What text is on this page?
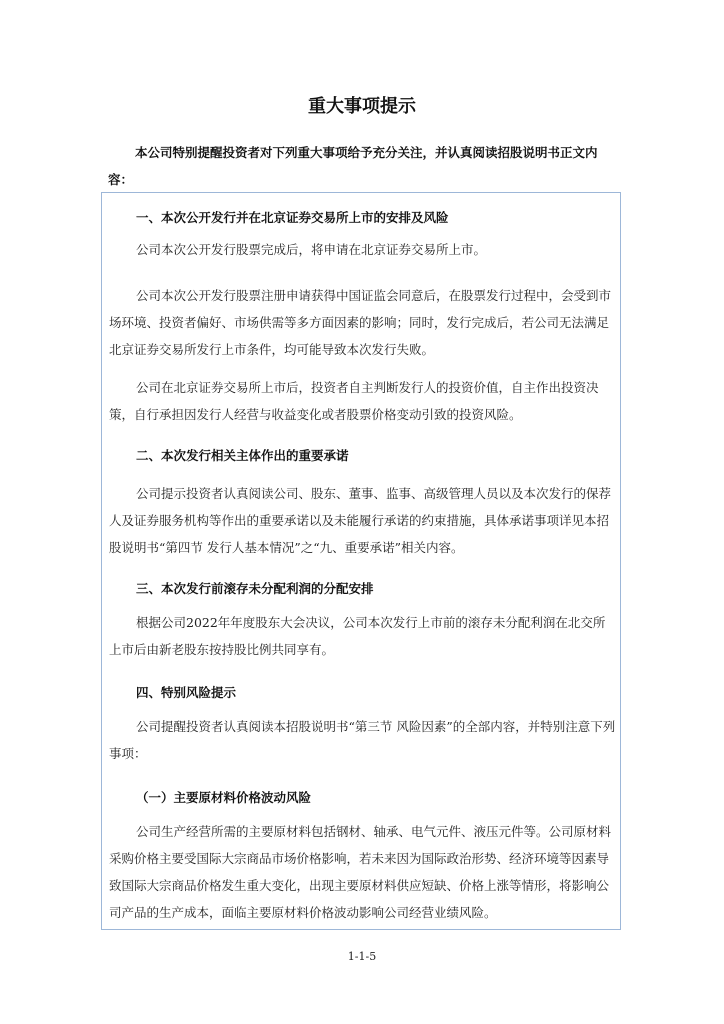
重大事项提示
本公司特别提醒投资者对下列重大事项给予充分关注，并认真阅读招股说明书正文内容：
一、本次公开发行并在北京证券交易所上市的安排及风险
公司本次公开发行股票完成后，将申请在北京证券交易所上市。
公司本次公开发行股票注册申请获得中国证监会同意后，在股票发行过程中，会受到市场环境、投资者偏好、市场供需等多方面因素的影响；同时，发行完成后，若公司无法满足北京证券交易所发行上市条件，均可能导致本次发行失败。
公司在北京证券交易所上市后，投资者自主判断发行人的投资价值，自主作出投资决策，自行承担因发行人经营与收益变化或者股票价格变动引致的投资风险。
二、本次发行相关主体作出的重要承诺
公司提示投资者认真阅读公司、股东、董事、监事、高级管理人员以及本次发行的保荐人及证券服务机构等作出的重要承诺以及未能履行承诺的约束措施，具体承诺事项详见本招股说明书“第四节 发行人基本情况”之“九、重要承诺”相关内容。
三、本次发行前滚存未分配利润的分配安排
根据公司2022年年度股东大会决议，公司本次发行上市前的滚存未分配利润在北交所上市后由新老股东按持股比例共同享有。
四、特别风险提示
公司提醒投资者认真阅读本招股说明书“第三节 风险因素”的全部内容，并特别注意下列事项：
（一）主要原材料价格波动风险
公司生产经营所需的主要原材料包括钢材、轴承、电气元件、液压元件等。公司原材料采购价格主要受国际大宗商品市场价格影响，若未来因为国际政治形势、经济环境等因素导致国际大宗商品价格发生重大变化，出现主要原材料供应短缺、价格上涨等情形，将影响公司产品的生产成本，面临主要原材料价格波动影响公司经营业绩风险。
1-1-5
